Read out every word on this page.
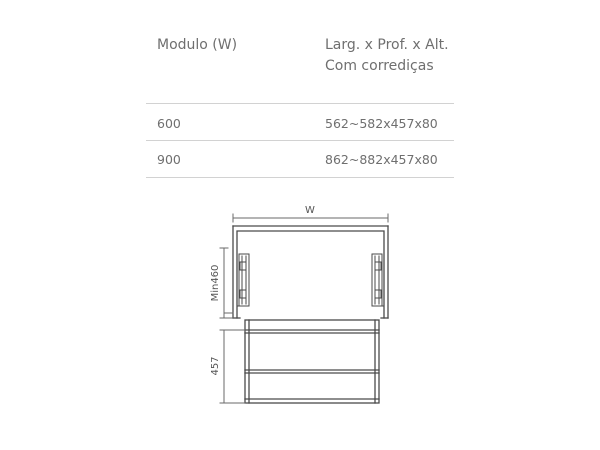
Modulo (W)	Larg. x Prof. x Alt.
Com corrediças
600	562~582x457x80
900	862~882x457x80
W
Min460
457
